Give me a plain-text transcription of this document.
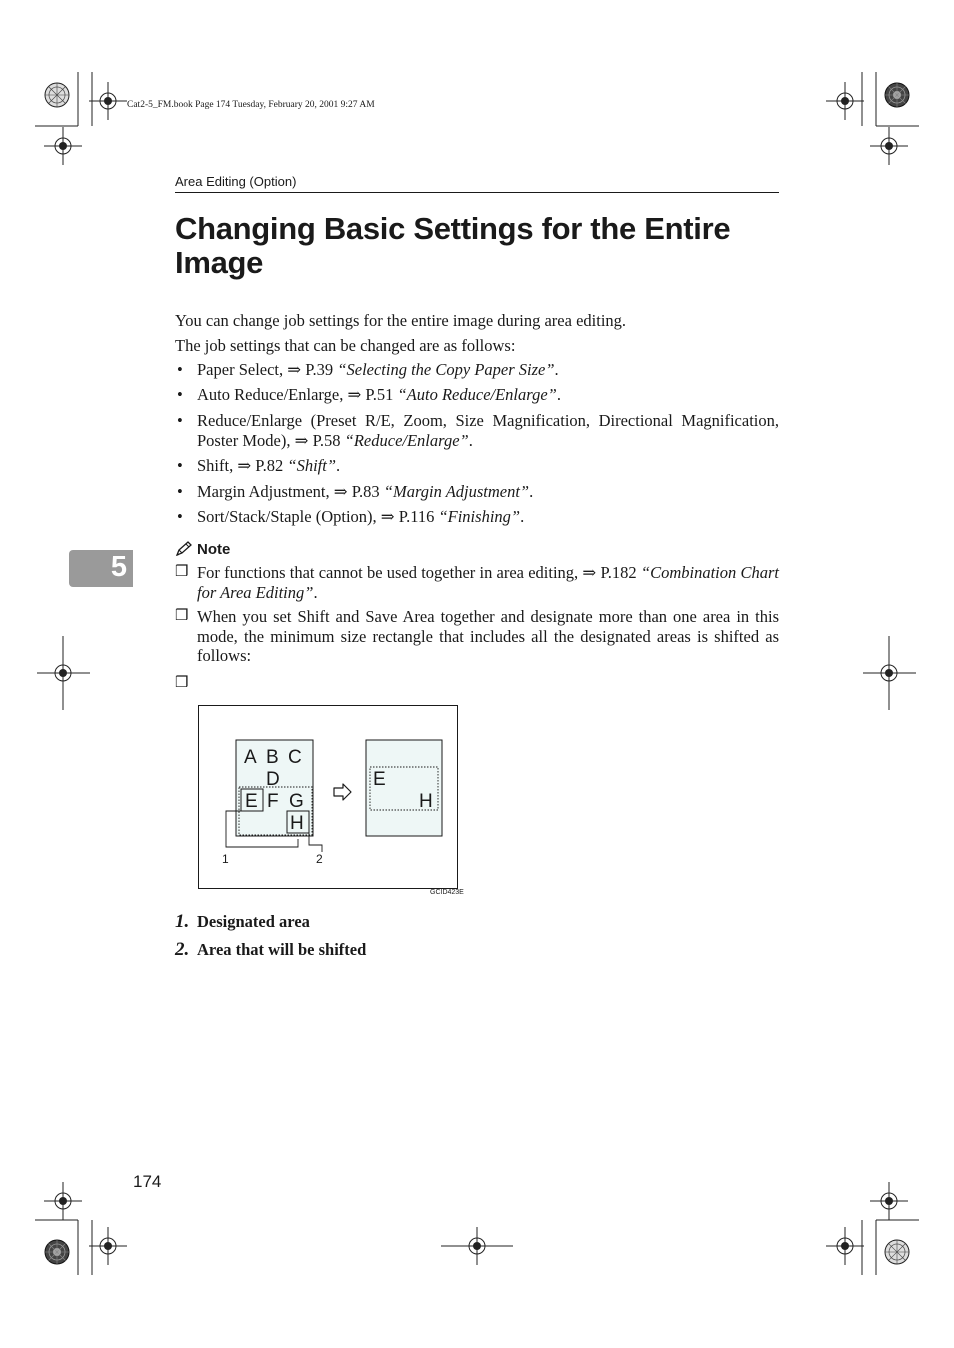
Cat2-5_FM.book Page 174 Tuesday, February 20, 2001 9:27 AM
Area Editing (Option)
Changing Basic Settings for the Entire Image
You can change job settings for the entire image during area editing.
The job settings that can be changed are as follows:
• Paper Select, ⇒ P.39 “Selecting the Copy Paper Size”.
• Auto Reduce/Enlarge, ⇒ P.51 “Auto Reduce/Enlarge”.
• Reduce/Enlarge (Preset R/E, Zoom, Size Magnification, Directional Magnification, Poster Mode), ⇒ P.58 “Reduce/Enlarge”.
• Shift, ⇒ P.82 “Shift”.
• Margin Adjustment, ⇒ P.83 “Margin Adjustment”.
• Sort/Stack/Staple (Option), ⇒ P.116 “Finishing”.
5
Note
❒ For functions that cannot be used together in area editing, ⇒ P.182 “Combination Chart for Area Editing”.
❒ When you set Shift and Save Area together and designate more than one area in this mode, the minimum size rectangle that includes all the designated areas is shifted as follows:
❒
A B C
D
E F G
H
1	2
E
H
GCID423E
1. Designated area
2. Area that will be shifted
174
